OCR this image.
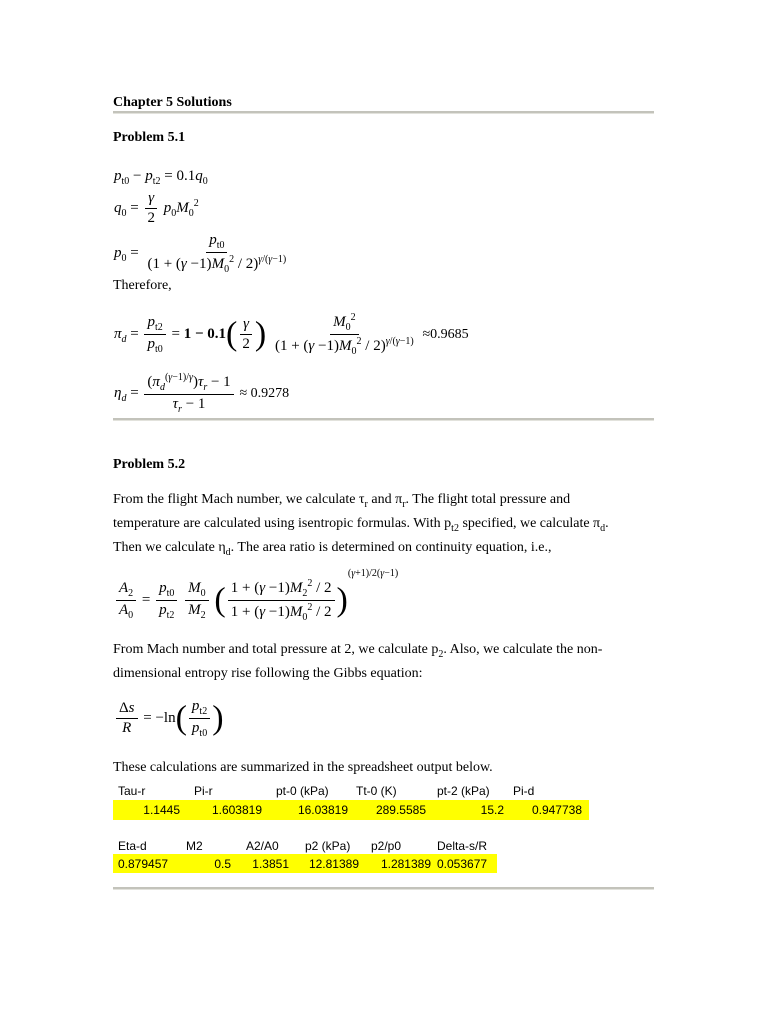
Chapter 5 Solutions
Problem 5.1
$p_{t0} - p_{t2} = 0.1q_0$
$q_0 = \frac{\gamma}{2} p_0M_0^2$
$p_0 = \frac{p_{t0}}{(1 + (\gamma -1)M_0^2 / 2)^{\gamma/(\gamma-1)}}$
Therefore,
$\pi_d = \frac{p_{t2}}{p_{t0}} = 1 - 0.1( \frac{\gamma}{2}$ ) $\frac{M_0^2}{(1 + (\gamma -1)M_0^2 / 2)^{\gamma/(\gamma-1)}} \approx 0.9685$
$\eta_d = \frac{(\pi_d^{(\gamma-1)/\gamma})\tau_r - 1}{\tau_r - 1} \approx 0.9278$
Problem 5.2
From the flight Mach number, we calculate $\tau_r$ and $\pi_r$. The flight total pressure and
temperature are calculated using isentropic formulas. With $p_{t2}$ specified, we calculate $\pi_d$.
Then we calculate $\eta_d$. The area ratio is determined on continuity equation, i.e.,
$\frac{A_2}{A_0} = \frac{p_{t0}}{p_{t2}}$
$\frac{M_0}{M_2}$ ( $\frac{1 + (\gamma -1)M_2^2 / 2}{1 + (\gamma -1)M_0^2 / 2} )^{(\gamma+1)/2(\gamma-1)}$
From Mach number and total pressure at 2, we calculate $p_2$. Also, we calculate the non-
dimensional entropy rise following the Gibbs equation:
$\frac{\Delta s}{R} = -\ln( \frac{p_{t2}}{p_{t0}}$ )
These calculations are summarized in the spreadsheet output below.
Tau-r	Pi-r	pt-0 (kPa) Tt-0 (K)	pt-2 (kPa) Pi-d
1.1445	1.603819	16.03819 289.5585	15.2 0.947738
Eta-d	M2	A2/A0 p2 (kPa) p2/p0	Delta-s/R
0.879457	0.5 1.3851 12.81389 1.281389 0.053677
